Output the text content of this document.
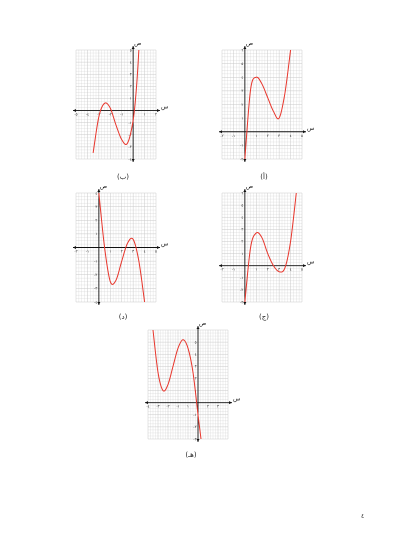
س
ص
-٢ -١	١	٢	٣	٤	٥
-٢
-١
١
٢
٣
٤
٥
٦
(أ)
س
ص
-٥ -٤ -٣ -٢ -١	١	٢
-٤
-٣
-٢
-١
١
٢
٣
٤
٥
(ب)
س
ص
-٢ -١	١	٢	٣	٤	٥
-٣
-٢
-١
١
٢
٣
٤
٥
٦
(ج)
س
ص
-٢ -١	١	٢	٣	٤	٥
-٤
-٣
-٢
-١
١
٢
٣
٤
(د)
س
ص
-٤ -٣ -٢ -١ ١	٢ ٣
-٣
-٢
-١
١
٢
٣
٤
٥
(هـ)
٤
